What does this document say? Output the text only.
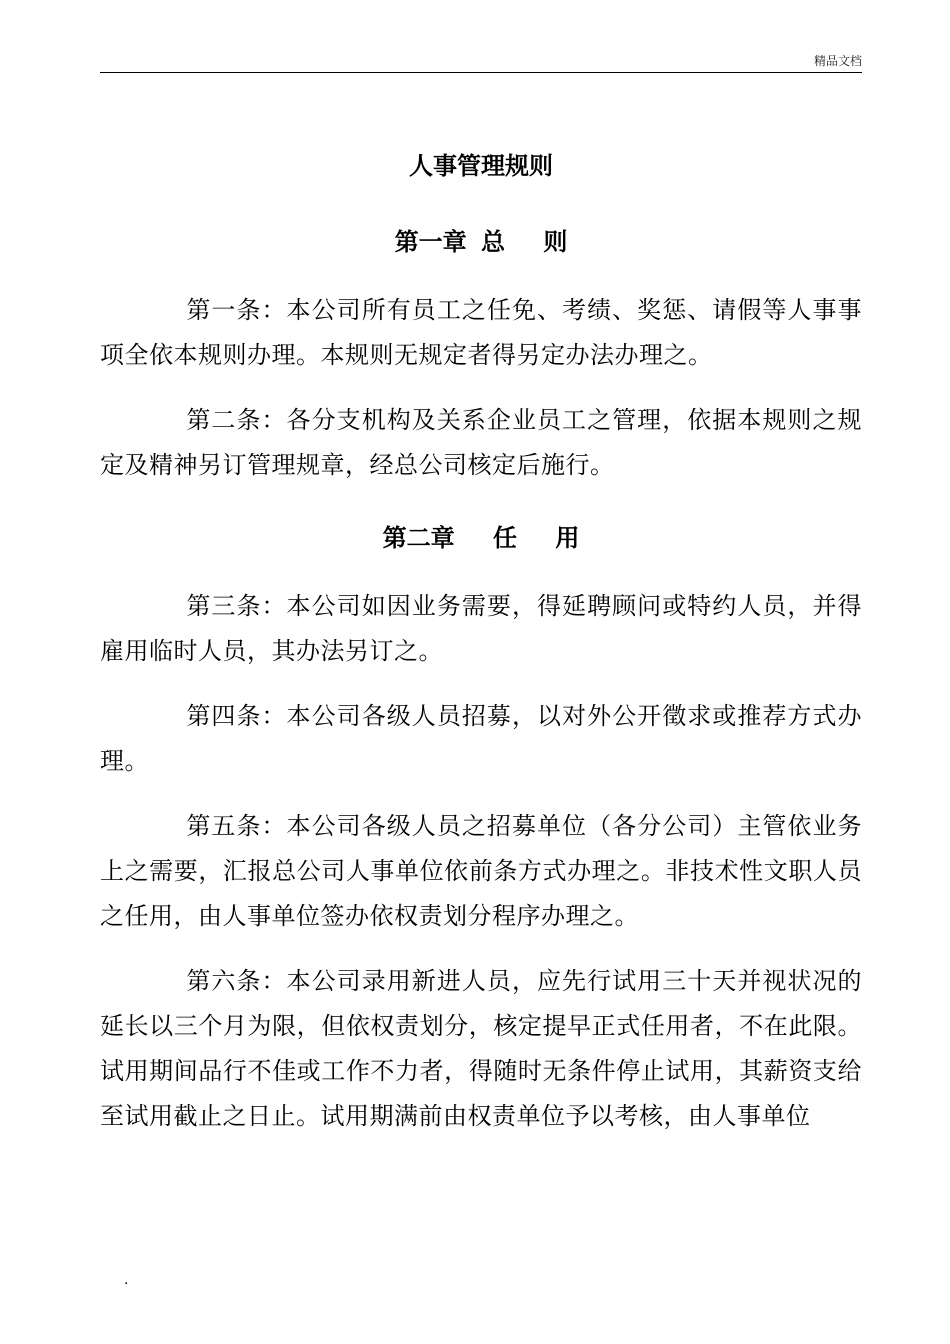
精品文档
人事管理规则
第一章 总 则

第一条：本公司所有员工之任免、考绩、奖惩、请假等人事事项全依本规则办理。本规则无规定者得另定办法办理之。

第二条：各分支机构及关系企业员工之管理，依据本规则之规定及精神另订管理规章，经总公司核定后施行。

第二章 任 用

第三条：本公司如因业务需要，得延聘顾问或特约人员，并得雇用临时人员，其办法另订之。

第四条：本公司各级人员招募，以对外公开徵求或推荐方式办理。

第五条：本公司各级人员之招募单位（各分公司）主管依业务上之需要，汇报总公司人事单位依前条方式办理之。非技术性文职人员之任用，由人事单位签办依权责划分程序办理之。

第六条：本公司录用新进人员，应先行试用三十天并视状况的延长以三个月为限，但依权责划分，核定提早正式任用者，不在此限。试用期间品行不佳或工作不力者，得随时无条件停止试用，其薪资支给至试用截止之日止。试用期满前由权责单位予以考核，由人事单位

.
